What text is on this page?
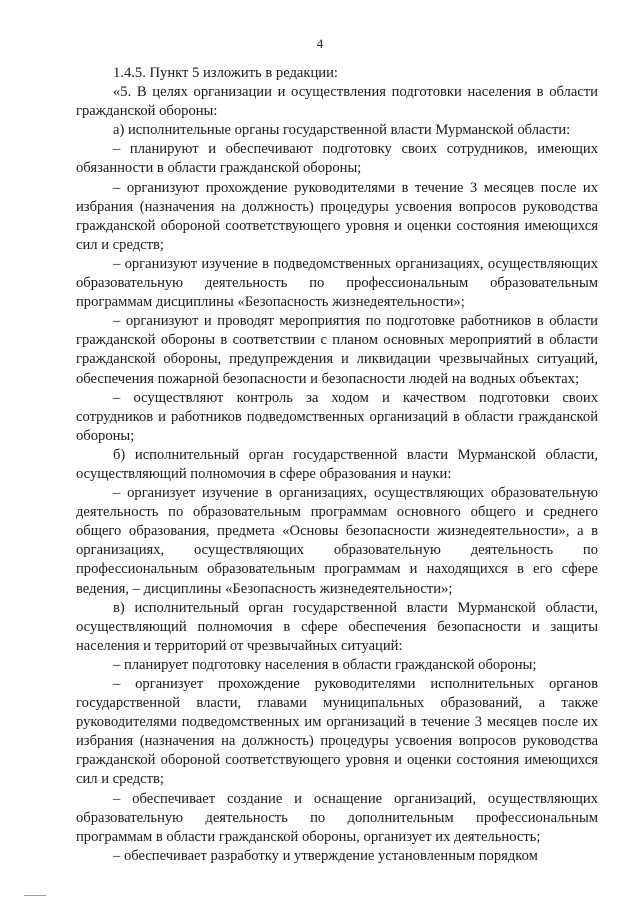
4

1.4.5. Пункт 5 изложить в редакции:

«5. В целях организации и осуществления подготовки населения в области гражданской обороны:

а) исполнительные органы государственной власти Мурманской области:

– планируют и обеспечивают подготовку своих сотрудников, имеющих обязанности в области гражданской обороны;

– организуют прохождение руководителями в течение 3 месяцев после их избрания (назначения на должность) процедуры усвоения вопросов руководства гражданской обороной соответствующего уровня и оценки состояния имеющихся сил и средств;

– организуют изучение в подведомственных организациях, осуществляющих образовательную деятельность по профессиональным образовательным программам дисциплины «Безопасность жизнедеятельности»;

– организуют и проводят мероприятия по подготовке работников в области гражданской обороны в соответствии с планом основных мероприятий в области гражданской обороны, предупреждения и ликвидации чрезвычайных ситуаций, обеспечения пожарной безопасности и безопасности людей на водных объектах;

– осуществляют контроль за ходом и качеством подготовки своих сотрудников и работников подведомственных организаций в области гражданской обороны;

б) исполнительный орган государственной власти Мурманской области, осуществляющий полномочия в сфере образования и науки:

– организует изучение в организациях, осуществляющих образовательную деятельность по образовательным программам основного общего и среднего общего образования, предмета «Основы безопасности жизнедеятельности», а в организациях, осуществляющих образовательную деятельность по профессиональным образовательным программам и находящихся в его сфере ведения, – дисциплины «Безопасность жизнедеятельности»;

в) исполнительный орган государственной власти Мурманской области, осуществляющий полномочия в сфере обеспечения безопасности и защиты населения и территорий от чрезвычайных ситуаций:

– планирует подготовку населения в области гражданской обороны;

– организует прохождение руководителями исполнительных органов государственной власти, главами муниципальных образований, а также руководителями подведомственных им организаций в течение 3 месяцев после их избрания (назначения на должность) процедуры усвоения вопросов руководства гражданской обороной соответствующего уровня и оценки состояния имеющихся сил и средств;

– обеспечивает создание и оснащение организаций, осуществляющих образовательную деятельность по дополнительным профессиональным программам в области гражданской обороны, организует их деятельность;

– обеспечивает разработку и утверждение установленным порядком
